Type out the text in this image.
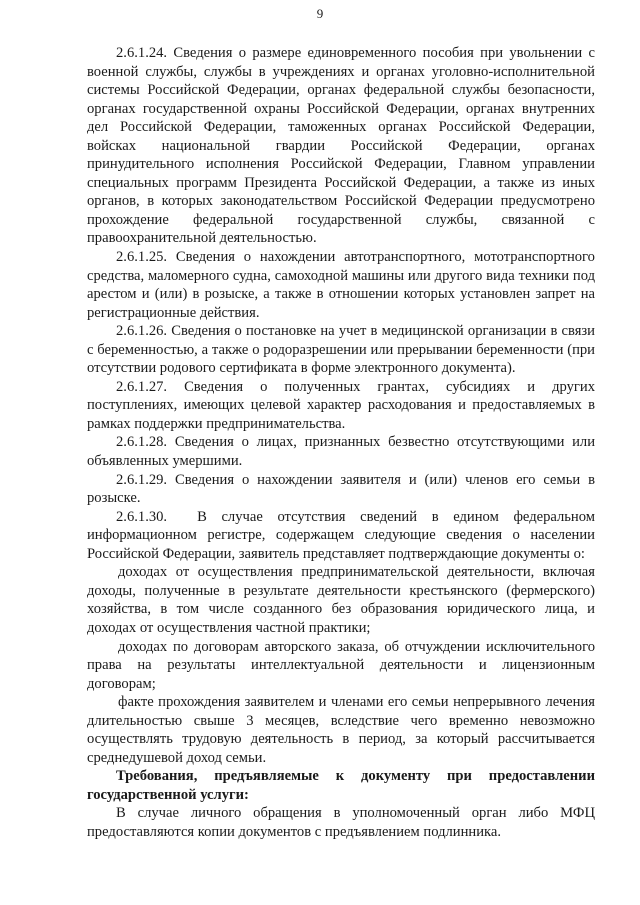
9

2.6.1.24. Сведения о размере единовременного пособия при увольнении с военной службы, службы в учреждениях и органах уголовно-исполнительной системы Российской Федерации, органах федеральной службы безопасности, органах государственной охраны Российской Федерации, органах внутренних дел Российской Федерации, таможенных органах Российской Федерации, войсках национальной гвардии Российской Федерации, органах принудительного исполнения Российской Федерации, Главном управлении специальных программ Президента Российской Федерации, а также из иных органов, в которых законодательством Российской Федерации предусмотрено прохождение федеральной государственной службы, связанной с правоохранительной деятельностью.

2.6.1.25. Сведения о нахождении автотранспортного, мототранспортного средства, маломерного судна, самоходной машины или другого вида техники под арестом и (или) в розыске, а также в отношении которых установлен запрет на регистрационные действия.

2.6.1.26. Сведения о постановке на учет в медицинской организации в связи с беременностью, а также о родоразрешении или прерывании беременности (при отсутствии родового сертификата в форме электронного документа).

2.6.1.27. Сведения о полученных грантах, субсидиях и других поступлениях, имеющих целевой характер расходования и предоставляемых в рамках поддержки предпринимательства.

2.6.1.28. Сведения о лицах, признанных безвестно отсутствующими или объявленных умершими.

2.6.1.29. Сведения о нахождении заявителя и (или) членов его семьи в розыске.

2.6.1.30. В случае отсутствия сведений в едином федеральном информационном регистре, содержащем следующие сведения о населении Российской Федерации, заявитель представляет подтверждающие документы о:

доходах от осуществления предпринимательской деятельности, включая доходы, полученные в результате деятельности крестьянского (фермерского) хозяйства, в том числе созданного без образования юридического лица, и доходах от осуществления частной практики;

доходах по договорам авторского заказа, об отчуждении исключительного права на результаты интеллектуальной деятельности и лицензионным договорам;

факте прохождения заявителем и членами его семьи непрерывного лечения длительностью свыше 3 месяцев, вследствие чего временно невозможно осуществлять трудовую деятельность в период, за который рассчитывается среднедушевой доход семьи.

Требования, предъявляемые к документу при предоставлении государственной услуги:

В случае личного обращения в уполномоченный орган либо МФЦ предоставляются копии документов с предъявлением подлинника.
